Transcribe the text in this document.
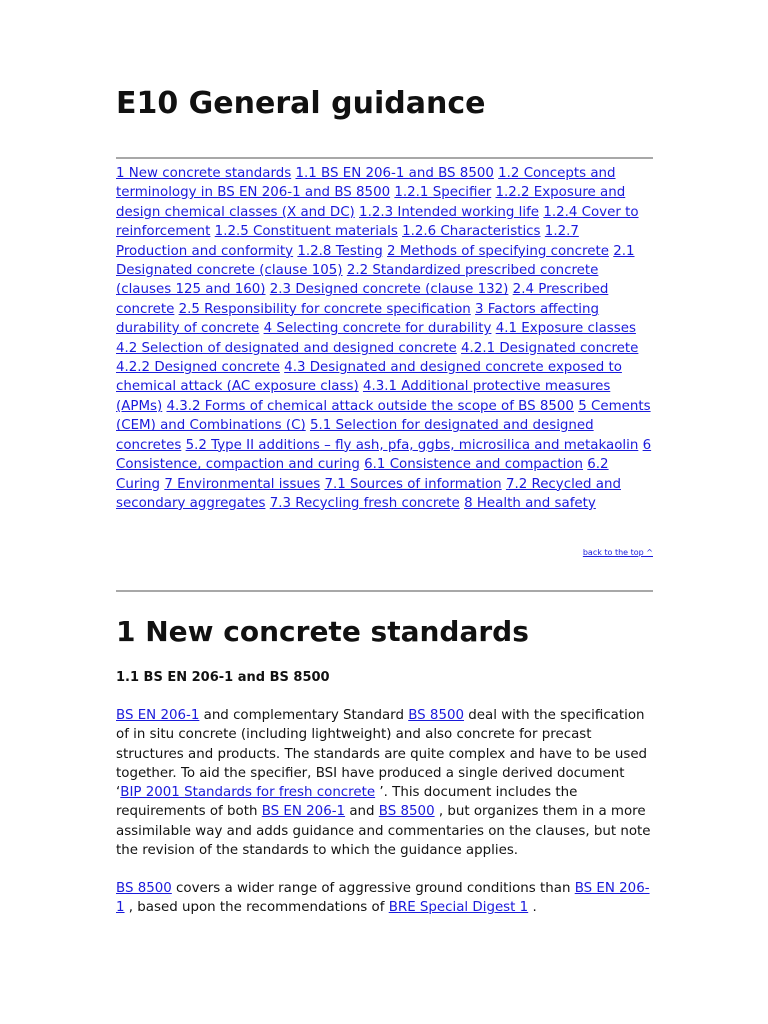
E10 General guidance
1 New concrete standards 1.1 BS EN 206-1 and BS 8500 1.2 Concepts and terminology in BS EN 206-1 and BS 8500 1.2.1 Specifier 1.2.2 Exposure and design chemical classes (X and DC) 1.2.3 Intended working life 1.2.4 Cover to reinforcement 1.2.5 Constituent materials 1.2.6 Characteristics 1.2.7 Production and conformity 1.2.8 Testing 2 Methods of specifying concrete 2.1 Designated concrete (clause 105) 2.2 Standardized prescribed concrete (clauses 125 and 160) 2.3 Designed concrete (clause 132) 2.4 Prescribed concrete 2.5 Responsibility for concrete specification 3 Factors affecting durability of concrete 4 Selecting concrete for durability 4.1 Exposure classes 4.2 Selection of designated and designed concrete 4.2.1 Designated concrete 4.2.2 Designed concrete 4.3 Designated and designed concrete exposed to chemical attack (AC exposure class) 4.3.1 Additional protective measures (APMs) 4.3.2 Forms of chemical attack outside the scope of BS 8500 5 Cements (CEM) and Combinations (C) 5.1 Selection for designated and designed concretes 5.2 Type II additions – fly ash, pfa, ggbs, microsilica and metakaolin 6 Consistence, compaction and curing 6.1 Consistence and compaction 6.2 Curing 7 Environmental issues 7.1 Sources of information 7.2 Recycled and secondary aggregates 7.3 Recycling fresh concrete 8 Health and safety
back to the top ^
1 New concrete standards
1.1 BS EN 206-1 and BS 8500

BS EN 206-1 and complementary Standard BS 8500 deal with the specification of in situ concrete (including lightweight) and also concrete for precast structures and products. The standards are quite complex and have to be used together. To aid the specifier, BSI have produced a single derived document ‘BIP 2001 Standards for fresh concrete ’. This document includes the requirements of both BS EN 206-1 and BS 8500 , but organizes them in a more assimilable way and adds guidance and commentaries on the clauses, but note the revision of the standards to which the guidance applies.

BS 8500 covers a wider range of aggressive ground conditions than BS EN 206-1 , based upon the recommendations of BRE Special Digest 1 .
